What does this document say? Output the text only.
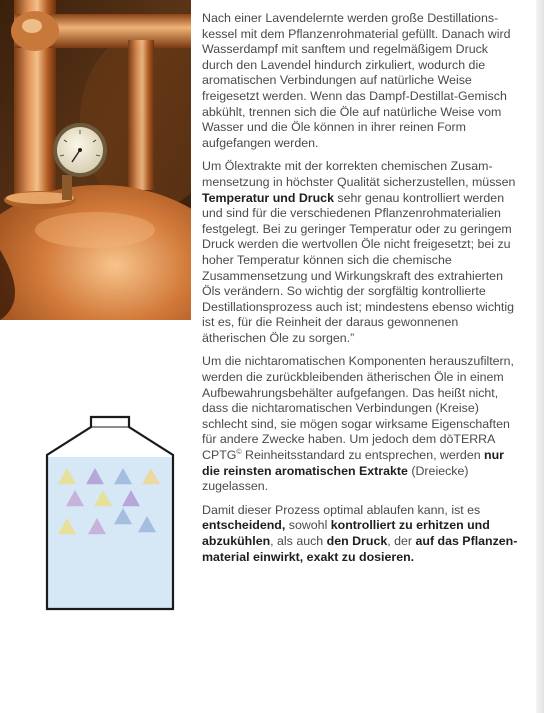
Nach einer Lavendelernte werden große Destillationskessel mit dem Pflanzenrohmaterial gefüllt. Danach wird Wasserdampf mit sanftem und regelmäßigem Druck durch den Lavendel hindurch zirkuliert, wodurch die aromatischen Verbindungen auf natürliche Weise freigesetzt werden. Wenn das Dampf-Destillat-Gemisch abkühlt, trennen sich die Öle auf natürliche Weise vom Wasser und die Öle können in ihrer reinen Form aufgefangen werden.

Um Ölextrakte mit der korrekten chemischen Zusammensetzung in höchster Qualität sicherzustellen, müssen Temperatur und Druck sehr genau kontrolliert werden und sind für die verschiedenen Pflanzenrohmaterialien festgelegt. Bei zu geringer Temperatur oder zu geringem Druck werden die wertvollen Öle nicht freigesetzt; bei zu hoher Temperatur können sich die chemische Zusammensetzung und Wirkungskraft des extrahierten Öls verändern. So wichtig der sorgfältig kontrollierte Destillationsprozess auch ist; mindestens ebenso wichtig ist es, für die Reinheit der daraus gewonnenen ätherischen Öle zu sorgen.”

Um die nichtaromatischen Komponenten herauszufiltern, werden die zurückbleibenden ätherischen Öle in einem Aufbewahrungsbehälter aufgefangen. Das heißt nicht, dass die nichtaromatischen Verbindungen (Kreise) schlecht sind, sie mögen sogar wirksame Eigenschaften für andere Zwecke haben. Um jedoch dem dōTERRA CPTG© Reinheitsstandard zu entsprechen, werden nur die reinsten aromatischen Extrakte (Dreiecke) zugelassen.

Damit dieser Prozess optimal ablaufen kann, ist es entscheidend, sowohl kontrolliert zu erhitzen und abzukühlen, als auch den Druck, der auf das Pflanzenmaterial einwirkt, exakt zu dosieren.
